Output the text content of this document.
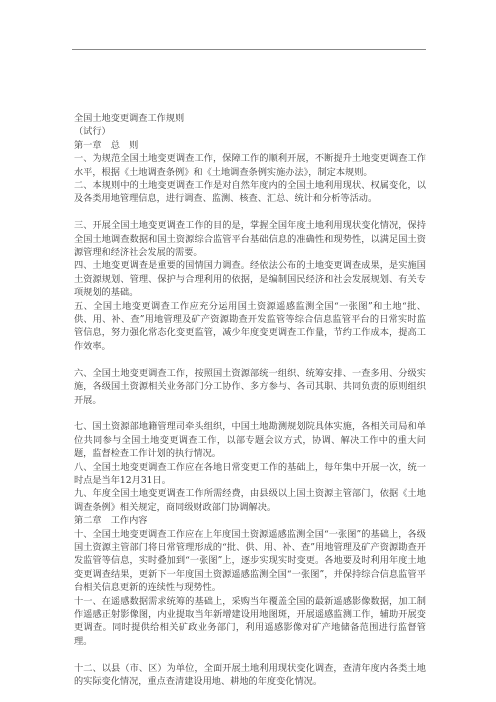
全国土地变更调查工作规则

（试行）

第一章　总　则

一、为规范全国土地变更调查工作，保障工作的顺利开展，不断提升土地变更调查工作水平，根据《土地调查条例》和《土地调查条例实施办法》，制定本规则。

二、本规则中的土地变更调查工作是对自然年度内的全国土地利用现状、权属变化，以及各类用地管理信息，进行调查、监测、核查、汇总、统计和分析等活动。

三、开展全国土地变更调查工作的目的是，掌握全国年度土地利用现状变化情况，保持全国土地调查数据和国土资源综合监管平台基础信息的准确性和现势性，以满足国土资源管理和经济社会发展的需要。

四、土地变更调查是重要的国情国力调查。经依法公布的土地变更调查成果，是实施国土资源规划、管理、保护与合理利用的依据，是编制国民经济和社会发展规划、有关专项规划的基础。

五、全国土地变更调查工作应充分运用国土资源遥感监测全国“一张图”和土地“批、供、用、补、查”用地管理及矿产资源勘查开发监管等综合信息监管平台的日常实时监管信息，努力强化常态化变更监管，减少年度变更调查工作量，节约工作成本，提高工作效率。

六、全国土地变更调查工作，按照国土资源部统一组织、统筹安排、一查多用、分级实施，各级国土资源相关业务部门分工协作、多方参与、各司其职、共同负责的原则组织开展。

七、国土资源部地籍管理司牵头组织，中国土地勘测规划院具体实施，各相关司局和单位共同参与全国土地变更调查工作，以部专题会议方式，协调、解决工作中的重大问题，监督检查工作计划的执行情况。

八、全国土地变更调查工作应在各地日常变更工作的基础上，每年集中开展一次，统一时点是当年12月31日。

九、年度全国土地变更调查工作所需经费，由县级以上国土资源主管部门，依据《土地调查条例》相关规定，商同级财政部门协调解决。

第二章　工作内容

十、全国土地变更调查工作应在上年度国土资源遥感监测全国“一张图”的基础上，各级国土资源主管部门将日常管理形成的“批、供、用、补、查”用地管理及矿产资源勘查开发监管等信息，实时叠加到“一张图”上，逐步实现实时变更。各地要及时利用年度土地变更调查结果，更新下一年度国土资源遥感监测全国“一张图”，并保持综合信息监管平台相关信息更新的连续性与现势性。

十一、在遥感数据需求统筹的基础上，采购当年覆盖全国的最新遥感影像数据，加工制作遥感正射影像图，内业提取当年新增建设用地图斑，开展遥感监测工作，辅助开展变更调查。同时提供给相关矿政业务部门，利用遥感影像对矿产地储备范围进行监督管理。

十二、以县（市、区）为单位，全面开展土地利用现状变化调查，查清年度内各类土地的实际变化情况，重点查清建设用地、耕地的年度变化情况。
